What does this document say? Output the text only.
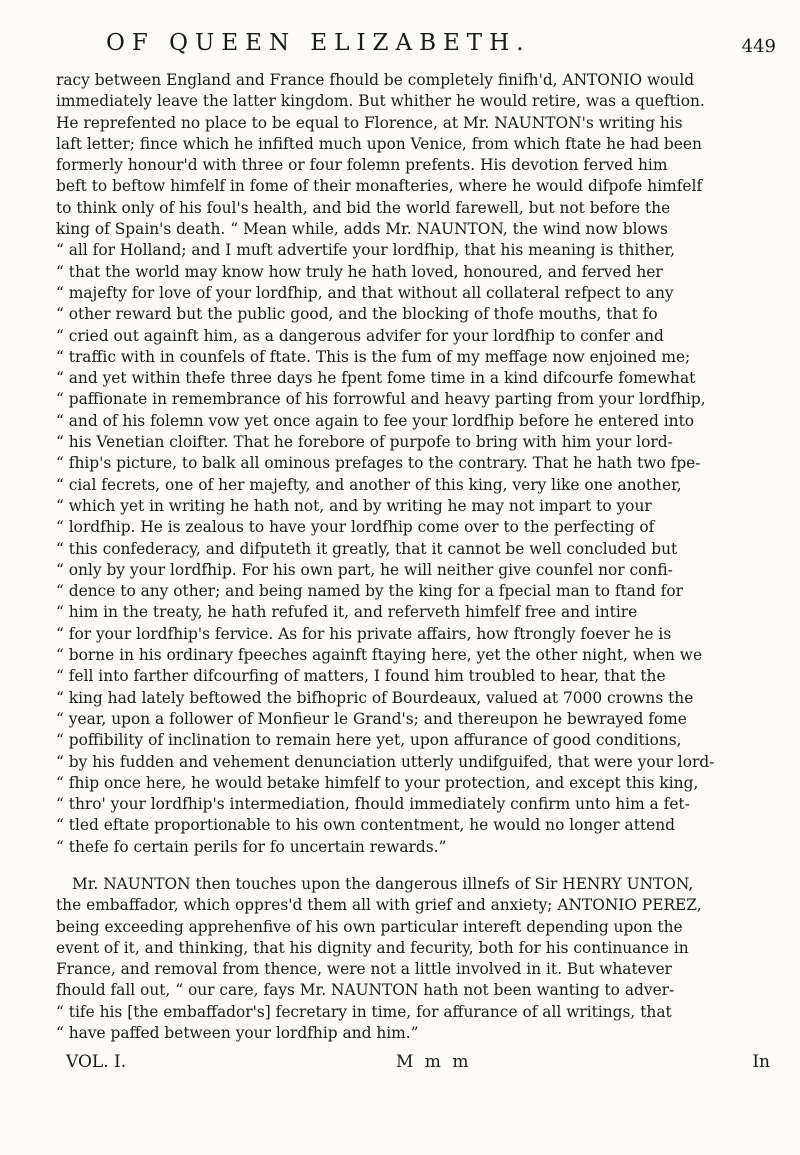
OF QUEEN ELIZABETH.	449
racy between England and France fhould be completely finifh'd, ANTONIO would
immediately leave the latter kingdom. But whither he would retire, was a queftion.
He reprefented no place to be equal to Florence, at Mr. NAUNTON's writing his
laft letter; fince which he infifted much upon Venice, from which ftate he had been
formerly honour'd with three or four folemn prefents. His devotion ferved him
beft to beftow himfelf in fome of their monafteries, where he would difpofe himfelf
to think only of his foul's health, and bid the world farewell, but not before the
king of Spain's death. “ Mean while, adds Mr. NAUNTON, the wind now blows
“ all for Holland; and I muft advertife your lordfhip, that his meaning is thither,
“ that the world may know how truly he hath loved, honoured, and ferved her
“ majefty for love of your lordfhip, and that without all collateral refpect to any
“ other reward but the public good, and the blocking of thofe mouths, that fo
“ cried out againft him, as a dangerous advifer for your lordfhip to confer and
“ traffic with in counfels of ftate. This is the fum of my meffage now enjoined me;
“ and yet within thefe three days he fpent fome time in a kind difcourfe fomewhat
“ paffionate in remembrance of his forrowful and heavy parting from your lordfhip,
“ and of his folemn vow yet once again to fee your lordfhip before he entered into
“ his Venetian cloifter. That he forebore of purpofe to bring with him your lord-
“ fhip's picture, to balk all ominous prefages to the contrary. That he hath two fpe-
“ cial fecrets, one of her majefty, and another of this king, very like one another,
“ which yet in writing he hath not, and by writing he may not impart to your
“ lordfhip. He is zealous to have your lordfhip come over to the perfecting of
“ this confederacy, and difputeth it greatly, that it cannot be well concluded but
“ only by your lordfhip. For his own part, he will neither give counfel nor confi-
“ dence to any other; and being named by the king for a fpecial man to ftand for
“ him in the treaty, he hath refufed it, and referveth himfelf free and intire
“ for your lordfhip's fervice. As for his private affairs, how ftrongly foever he is
“ borne in his ordinary fpeeches againft ftaying here, yet the other night, when we
“ fell into farther difcourfing of matters, I found him troubled to hear, that the
“ king had lately beftowed the bifhopric of Bourdeaux, valued at 7000 crowns the
“ year, upon a follower of Monfieur le Grand's; and thereupon he bewrayed fome
“ poffibility of inclination to remain here yet, upon affurance of good conditions,
“ by his fudden and vehement denunciation utterly undifguifed, that were your lord-
“ fhip once here, he would betake himfelf to your protection, and except this king,
“ thro' your lordfhip's intermediation, fhould immediately confirm unto him a fet-
“ tled eftate proportionable to his own contentment, he would no longer attend
“ thefe fo certain perils for fo uncertain rewards.”
Mr. NAUNTON then touches upon the dangerous illnefs of Sir HENRY UNTON,
the embaffador, which oppres'd them all with grief and anxiety; ANTONIO PEREZ,
being exceeding apprehenfive of his own particular intereft depending upon the
event of it, and thinking, that his dignity and fecurity, both for his continuance in
France, and removal from thence, were not a little involved in it. But whatever
fhould fall out, “ our care, fays Mr. NAUNTON hath not been wanting to adver-
“ tife his [the embaffador's] fecretary in time, for affurance of all writings, that
“ have paffed between your lordfhip and him.”
VOL. I.	M m m	In
